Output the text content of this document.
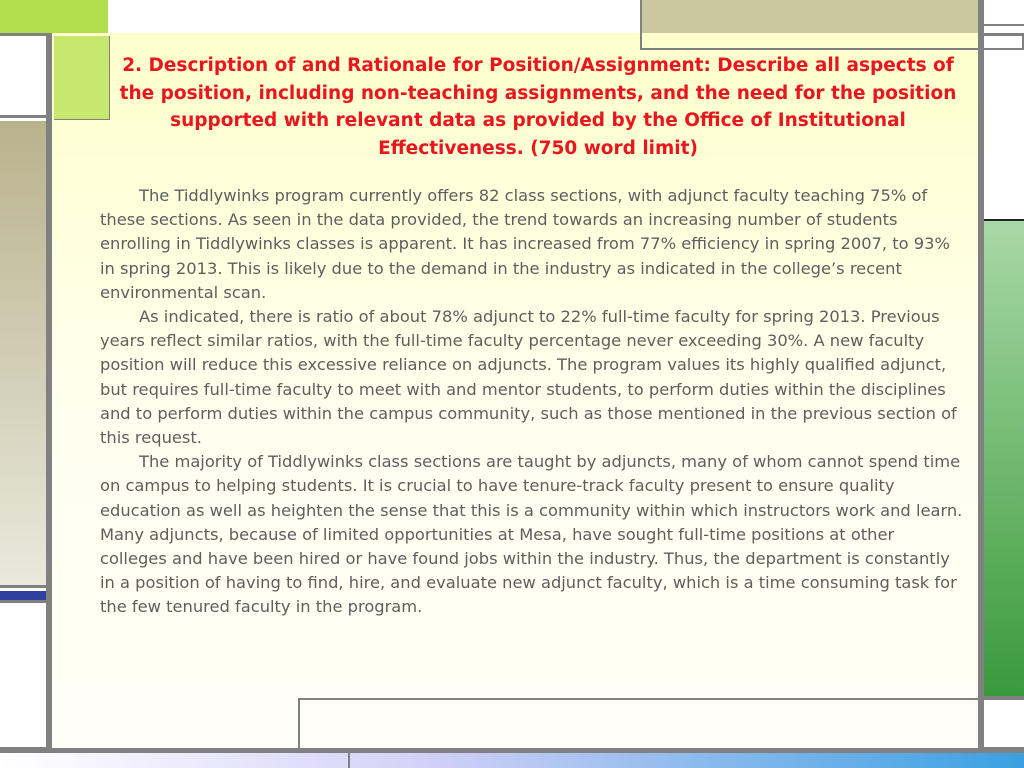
2. Description of and Rationale for Position/Assignment: Describe all aspects of the position, including non-teaching assignments, and the need for the position supported with relevant data as provided by the Office of Institutional Effectiveness. (750 word limit)

The Tiddlywinks program currently offers 82 class sections, with adjunct faculty teaching 75% of these sections. As seen in the data provided, the trend towards an increasing number of students enrolling in Tiddlywinks classes is apparent. It has increased from 77% efficiency in spring 2007, to 93% in spring 2013. This is likely due to the demand in the industry as indicated in the college’s recent environmental scan.

As indicated, there is ratio of about 78% adjunct to 22% full-time faculty for spring 2013. Previous years reflect similar ratios, with the full-time faculty percentage never exceeding 30%. A new faculty position will reduce this excessive reliance on adjuncts. The program values its highly qualified adjunct, but requires full-time faculty to meet with and mentor students, to perform duties within the disciplines and to perform duties within the campus community, such as those mentioned in the previous section of this request.

The majority of Tiddlywinks class sections are taught by adjuncts, many of whom cannot spend time on campus to helping students. It is crucial to have tenure-track faculty present to ensure quality education as well as heighten the sense that this is a community within which instructors work and learn. Many adjuncts, because of limited opportunities at Mesa, have sought full-time positions at other colleges and have been hired or have found jobs within the industry. Thus, the department is constantly in a position of having to find, hire, and evaluate new adjunct faculty, which is a time consuming task for the few tenured faculty in the program.
